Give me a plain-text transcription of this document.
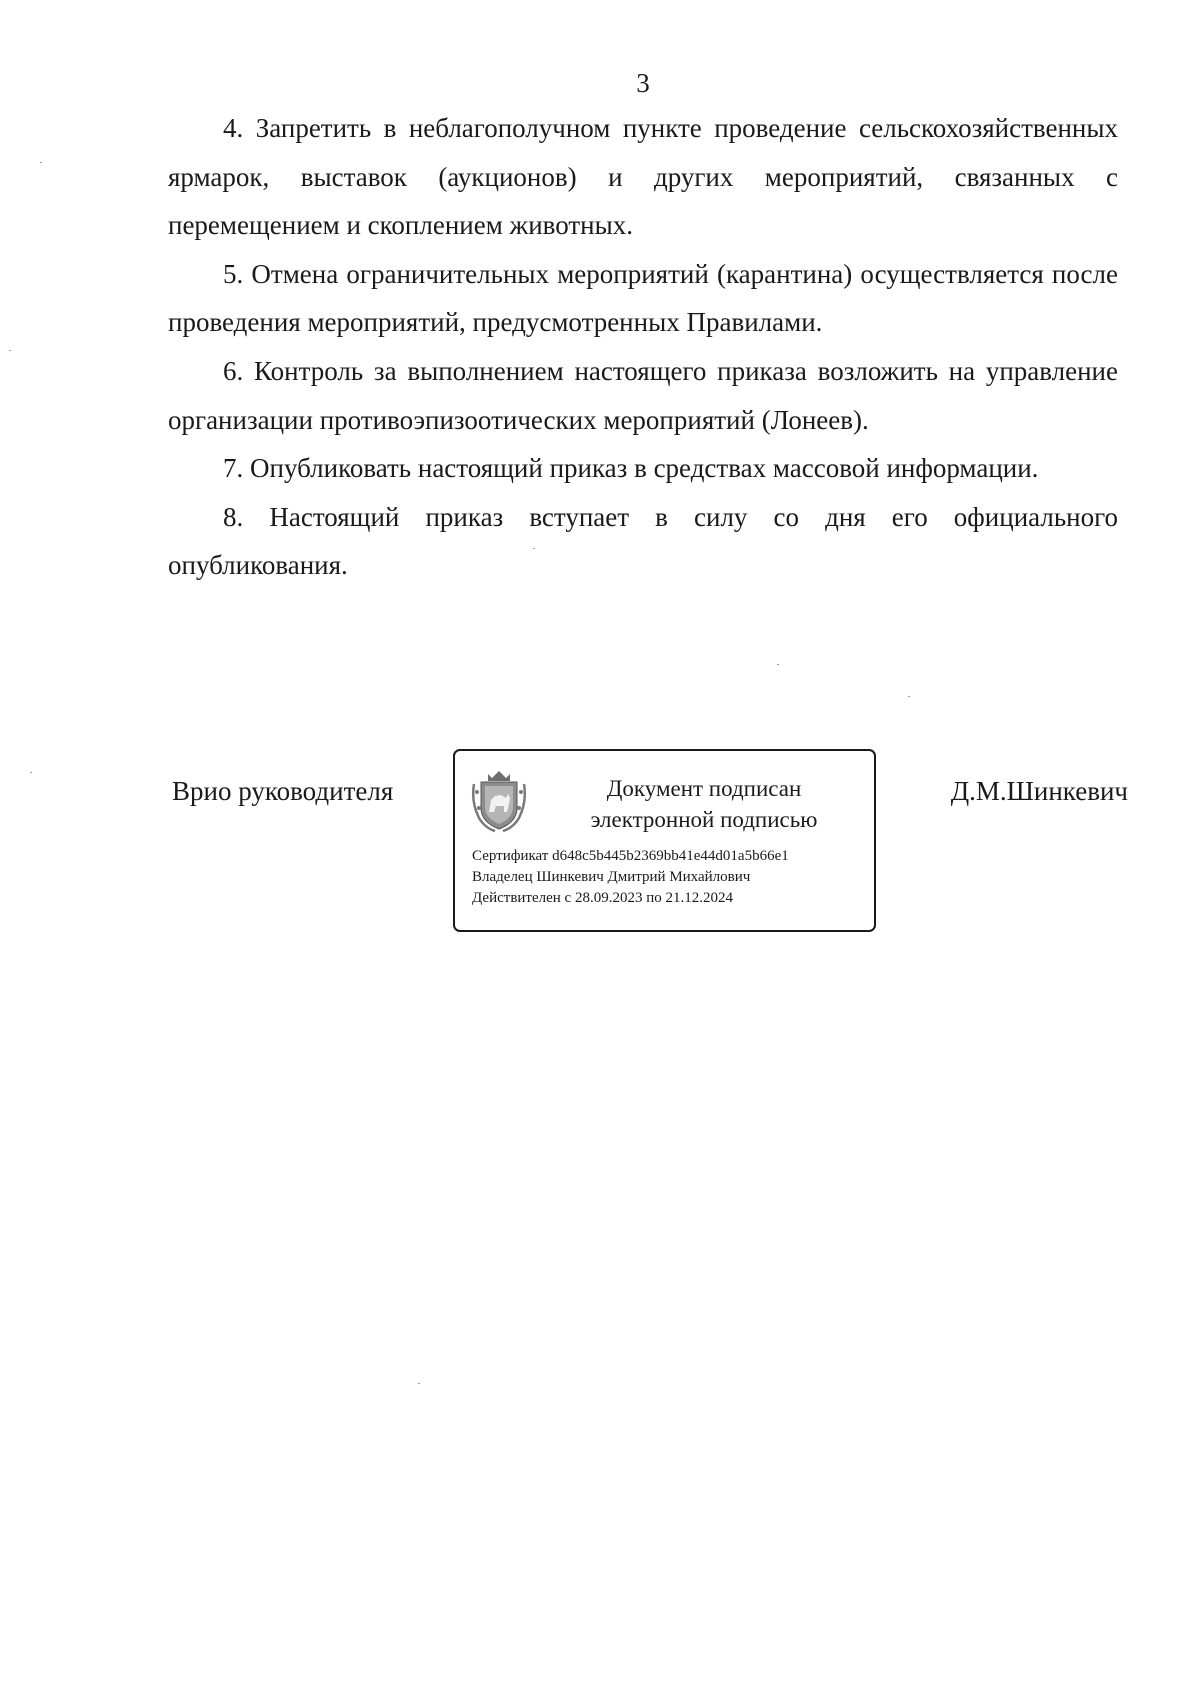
3

4. Запретить в неблагополучном пункте проведение сельскохозяйственных ярмарок, выставок (аукционов) и других мероприятий, связанных с перемещением и скоплением животных.

5. Отмена ограничительных мероприятий (карантина) осуществляется после проведения мероприятий, предусмотренных Правилами.

6. Контроль за выполнением настоящего приказа возложить на управление организации противоэпизоотических мероприятий (Лонеев).

7. Опубликовать настоящий приказ в средствах массовой информации.

8. Настоящий приказ вступает в силу со дня его официального опубликования.

Врио руководителя	Документ подписан
электронной подписью
Сертификат d648c5b445b2369bb41e44d01a5b66e1
Владелец Шинкевич Дмитрий Михайлович
Действителен с 28.09.2023 по 21.12.2024
Д.М.Шинкевич
